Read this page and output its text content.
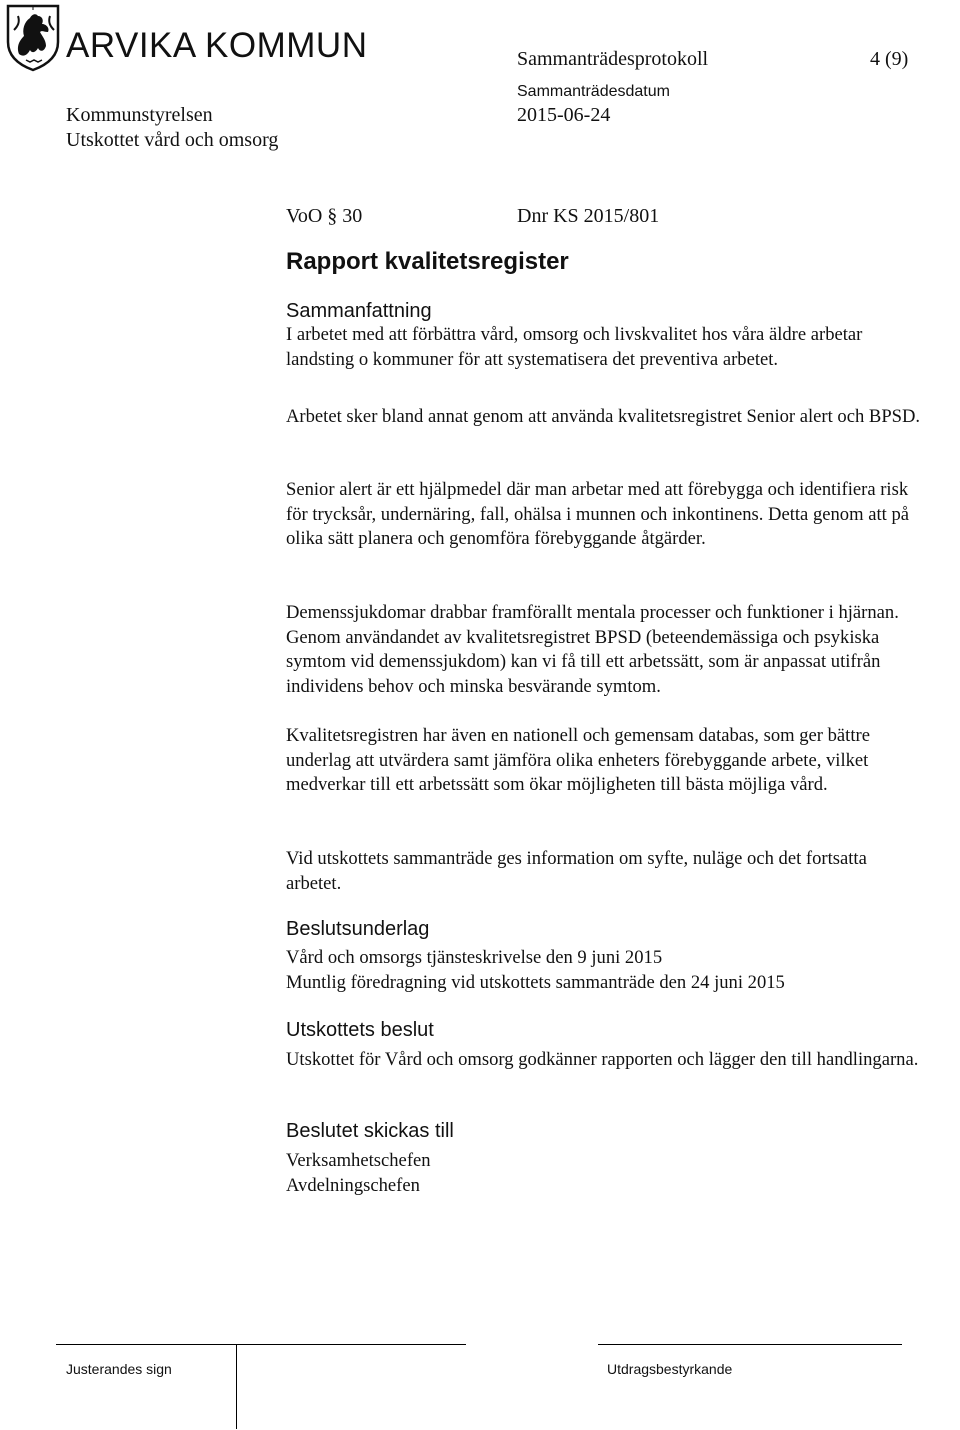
ARVIKA KOMMUN	Sammanträdesprotokoll	4 (9)
Sammanträdesdatum
Kommunstyrelsen	2015-06-24
Utskottet vård och omsorg
VoO § 30	Dnr KS 2015/801
Rapport kvalitetsregister
Sammanfattning

I arbetet med att förbättra vård, omsorg och livskvalitet hos våra äldre arbetar landsting o kommuner för att systematisera det preventiva arbetet.

Arbetet sker bland annat genom att använda kvalitetsregistret Senior alert och BPSD.

Senior alert är ett hjälpmedel där man arbetar med att förebygga och identifiera risk för trycksår, undernäring, fall, ohälsa i munnen och inkontinens. Detta genom att på olika sätt planera och genomföra förebyggande åtgärder.

Demenssjukdomar drabbar framförallt mentala processer och funktioner i hjärnan. Genom användandet av kvalitetsregistret BPSD (beteendemässiga och psykiska symtom vid demenssjukdom) kan vi få till ett arbetssätt, som är anpassat utifrån individens behov och minska besvärande symtom.

Kvalitetsregistren har även en nationell och gemensam databas, som ger bättre underlag att utvärdera samt jämföra olika enheters förebyggande arbete, vilket medverkar till ett arbetssätt som ökar möjligheten till bästa möjliga vård.

Vid utskottets sammanträde ges information om syfte, nuläge och det fortsatta arbetet.

Beslutsunderlag
Vård och omsorgs tjänsteskrivelse den 9 juni 2015
Muntlig föredragning vid utskottets sammanträde den 24 juni 2015
Utskottets beslut

Utskottet för Vård och omsorg godkänner rapporten och lägger den till handlingarna.

Beslutet skickas till
Verksamhetschefen
Avdelningschefen
Justerandes sign	Utdragsbestyrkande
